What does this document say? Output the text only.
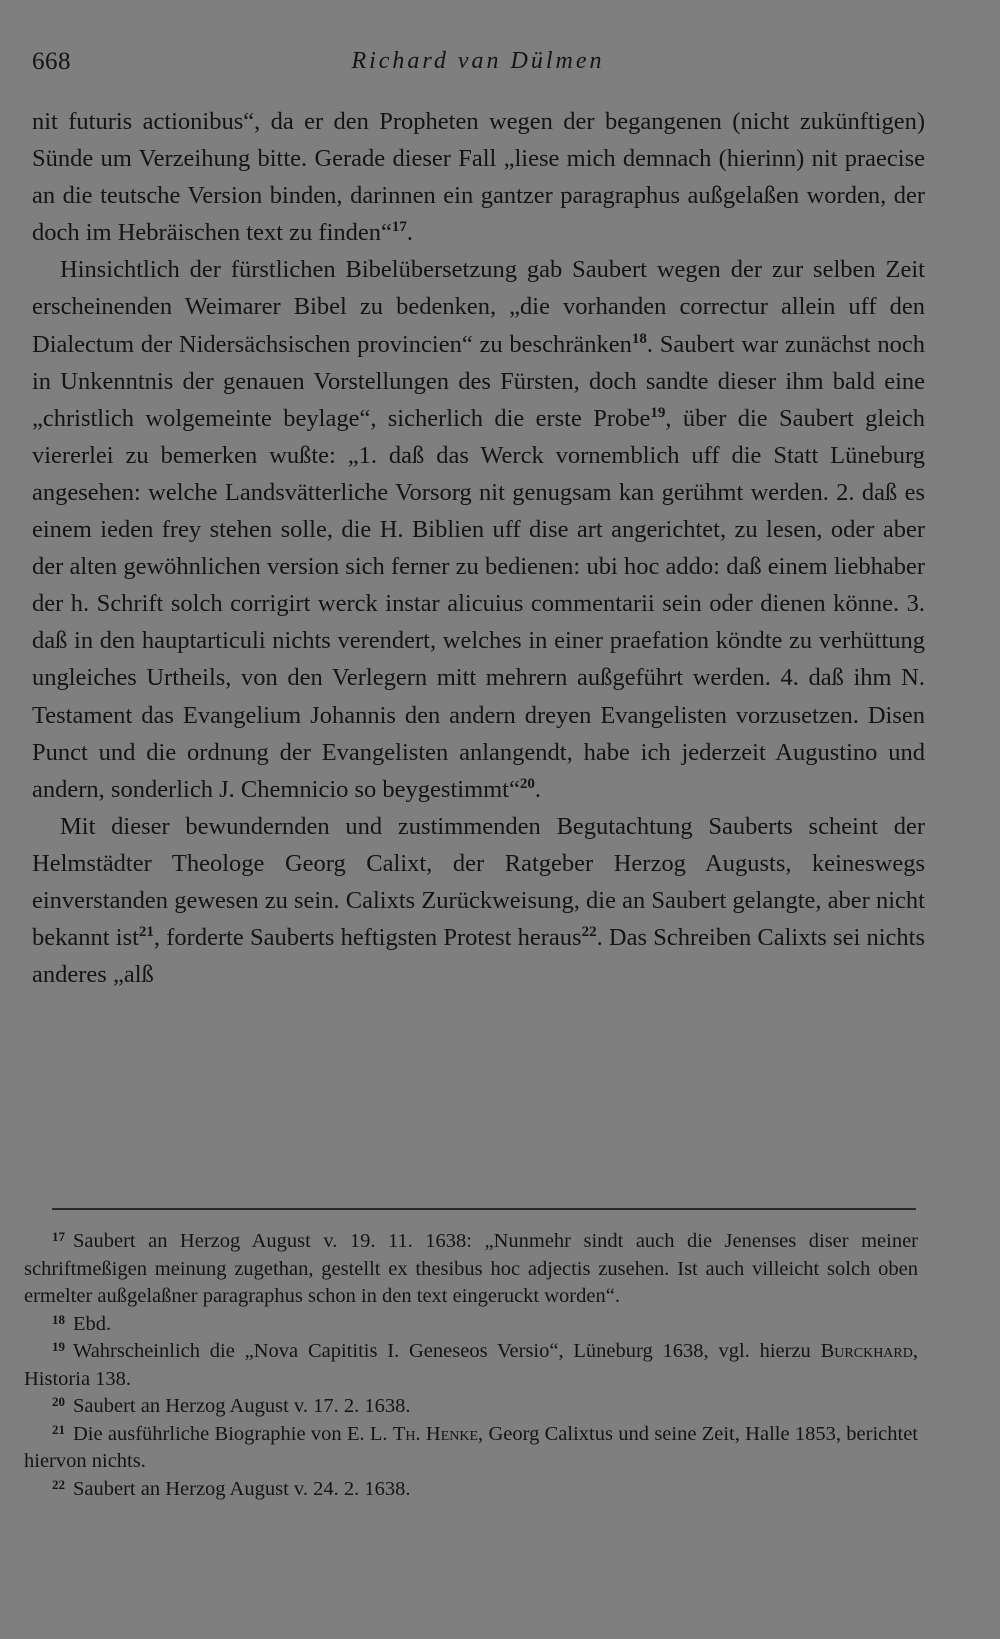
668	Richard van Dülmen

nit futuris actionibus“, da er den Propheten wegen der begangenen (nicht zukünftigen) Sünde um Verzeihung bitte. Gerade dieser Fall „liese mich demnach (hierinn) nit praecise an die teutsche Version binden, darinnen ein gantzer paragraphus außgelaßen worden, der doch im Hebräischen text zu finden“$^{17}$.

Hinsichtlich der fürstlichen Bibelübersetzung gab Saubert wegen der zur selben Zeit erscheinenden Weimarer Bibel zu bedenken, „die vorhanden correctur allein uff den Dialectum der Nidersächsischen provincien“ zu beschränken$^{18}$. Saubert war zunächst noch in Unkenntnis der genauen Vorstellungen des Fürsten, doch sandte dieser ihm bald eine „christlich wolgemeinte beylage“, sicherlich die erste Probe$^{19}$, über die Saubert gleich viererlei zu bemerken wußte: „1. daß das Werck vornemblich uff die Statt Lüneburg angesehen: welche Landsvätterliche Vorsorg nit genugsam kan gerühmt werden. 2. daß es einem ieden frey stehen solle, die H. Biblien uff dise art angerichtet, zu lesen, oder aber der alten gewöhnlichen version sich ferner zu bedienen: ubi hoc addo: daß einem liebhaber der h. Schrift solch corrigirt werck instar alicuius commentarii sein oder dienen könne. 3. daß in den hauptarticuli nichts verendert, welches in einer praefation köndte zu verhüttung ungleiches Urtheils, von den Verlegern mitt mehrern außgeführt werden. 4. daß ihm N. Testament das Evangelium Johannis den andern dreyen Evangelisten vorzusetzen. Disen Punct und die ordnung der Evangelisten anlangendt, habe ich jederzeit Augustino und andern, sonderlich J. Chemnicio so beygestimmt“$^{20}$.

Mit dieser bewundernden und zustimmenden Begutachtung Sauberts scheint der Helmstädter Theologe Georg Calixt, der Ratgeber Herzog Augusts, keineswegs einverstanden gewesen zu sein. Calixts Zurückweisung, die an Saubert gelangte, aber nicht bekannt ist$^{21}$, forderte Sauberts heftigsten Protest heraus$^{22}$. Das Schreiben Calixts sei nichts anderes „alß

$^{17}$ Saubert an Herzog August v. 19. 11. 1638: „Nunmehr sindt auch die Jenenses diser meiner schriftmeßigen meinung zugethan, gestellt ex thesibus hoc adjectis zusehen. Ist auch villeicht solch oben ermelter außgelaßner paragraphus schon in den text eingeruckt worden“.

$^{18}$ Ebd.

$^{19}$ Wahrscheinlich die „Nova Capititis I. Geneseos Versio“, Lüneburg 1638, vgl. hierzu Burckhard, Historia 138.

$^{20}$ Saubert an Herzog August v. 17. 2. 1638.

$^{21}$ Die ausführliche Biographie von E. L. Th. Henke, Georg Calixtus und seine Zeit, Halle 1853, berichtet hiervon nichts.

$^{22}$ Saubert an Herzog August v. 24. 2. 1638.
